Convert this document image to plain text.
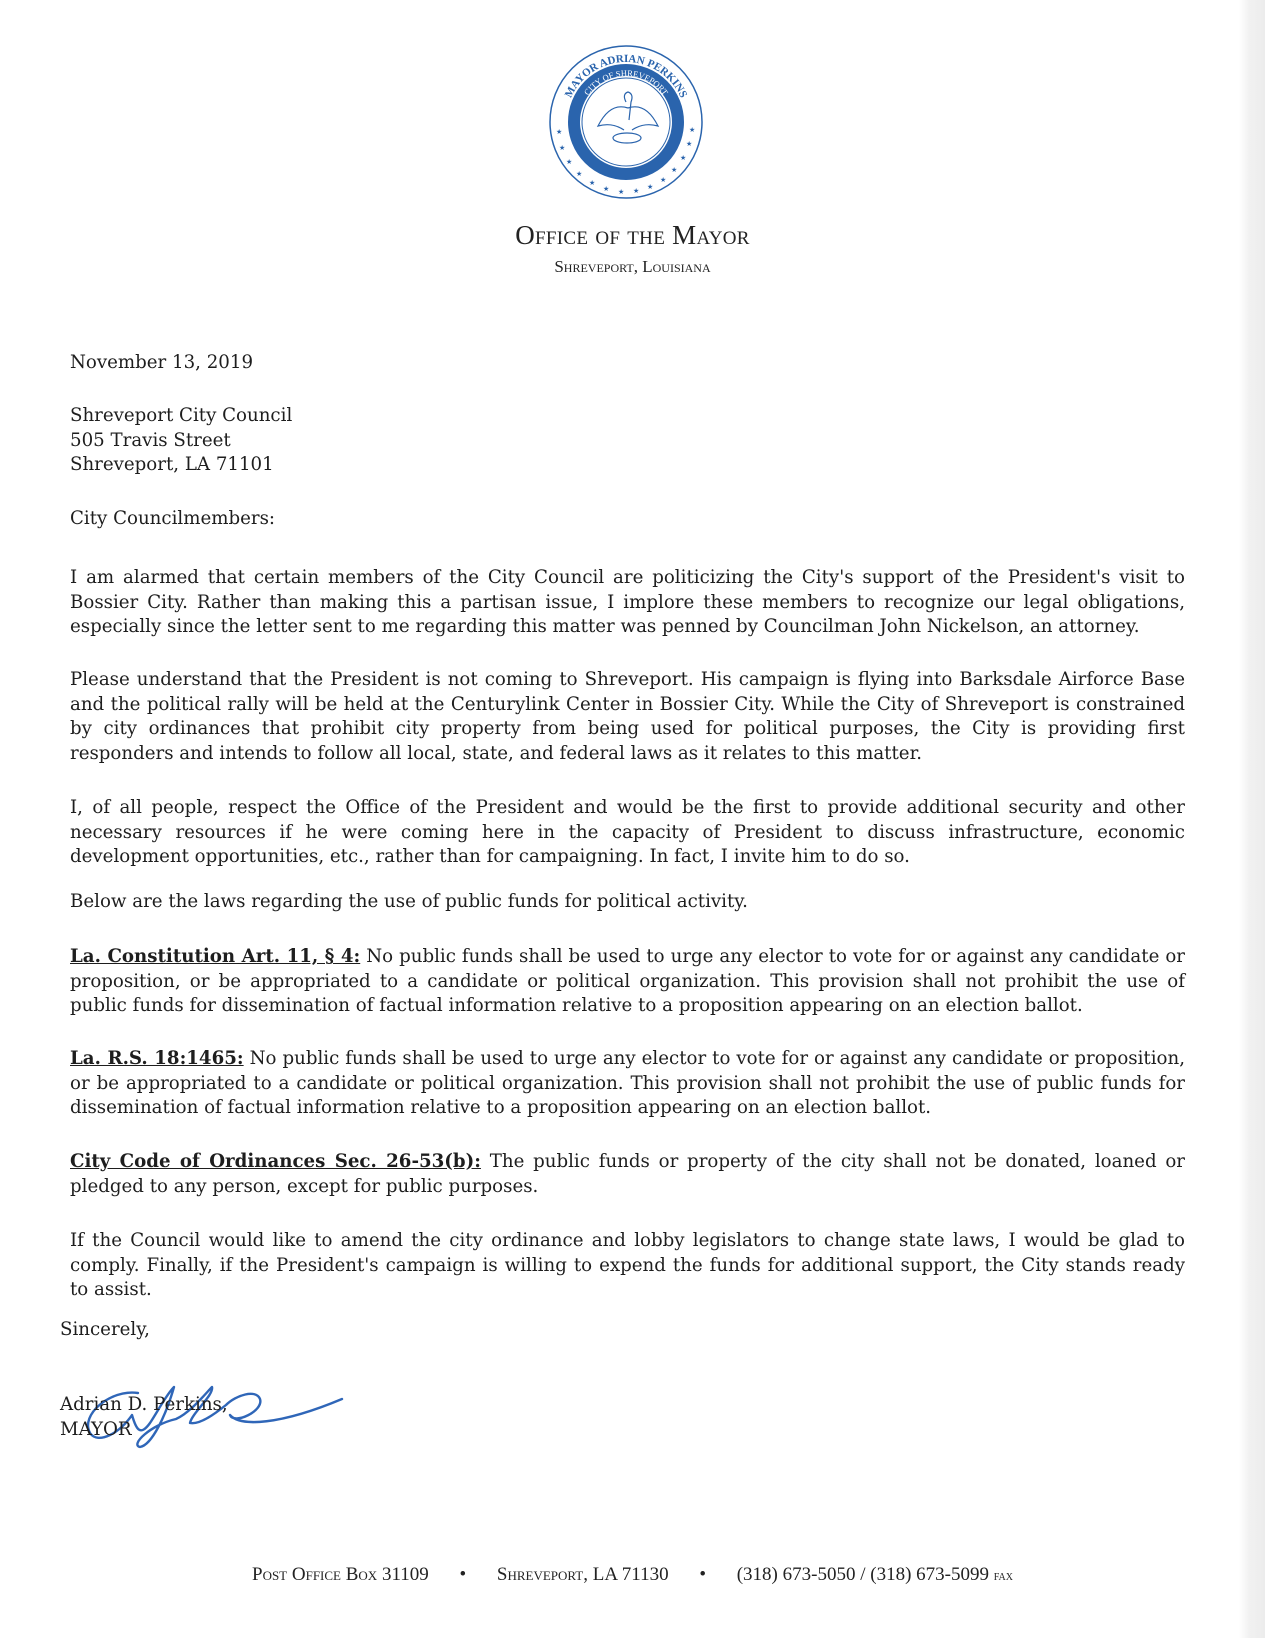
MAYOR ADRIAN PERKINS
CITY OF SHREVEPORT
LOUISIANA
★
★
★
★
★
★ ★ ★ ★
★
★
★
★
★
Office of the Mayor
Shreveport, Louisiana
November 13, 2019
Shreveport City Council
505 Travis Street
Shreveport, LA 71101
City Councilmembers:
I am alarmed that certain members of the City Council are politicizing the City's support of the President's visit to Bossier City. Rather than making this a partisan issue, I implore these members to recognize our legal obligations, especially since the letter sent to me regarding this matter was penned by Councilman John Nickelson, an attorney.
Please understand that the President is not coming to Shreveport. His campaign is flying into Barksdale Airforce Base and the political rally will be held at the Centurylink Center in Bossier City. While the City of Shreveport is constrained by city ordinances that prohibit city property from being used for political purposes, the City is providing first responders and intends to follow all local, state, and federal laws as it relates to this matter.
I, of all people, respect the Office of the President and would be the first to provide additional security and other necessary resources if he were coming here in the capacity of President to discuss infrastructure, economic development opportunities, etc., rather than for campaigning. In fact, I invite him to do so.
Below are the laws regarding the use of public funds for political activity.
La. Constitution Art. 11, § 4: No public funds shall be used to urge any elector to vote for or against any candidate or proposition, or be appropriated to a candidate or political organization. This provision shall not prohibit the use of public funds for dissemination of factual information relative to a proposition appearing on an election ballot.
La. R.S. 18:1465: No public funds shall be used to urge any elector to vote for or against any candidate or proposition, or be appropriated to a candidate or political organization. This provision shall not prohibit the use of public funds for dissemination of factual information relative to a proposition appearing on an election ballot.
City Code of Ordinances Sec. 26-53(b): The public funds or property of the city shall not be donated, loaned or pledged to any person, except for public purposes.
If the Council would like to amend the city ordinance and lobby legislators to change state laws, I would be glad to comply. Finally, if the President's campaign is willing to expend the funds for additional support, the City stands ready to assist.
Sincerely,
Adrian D. Perkins,
MAYOR
Post Office Box 31109 • Shreveport, LA 71130 • (318) 673-5050 / (318) 673-5099 fax
